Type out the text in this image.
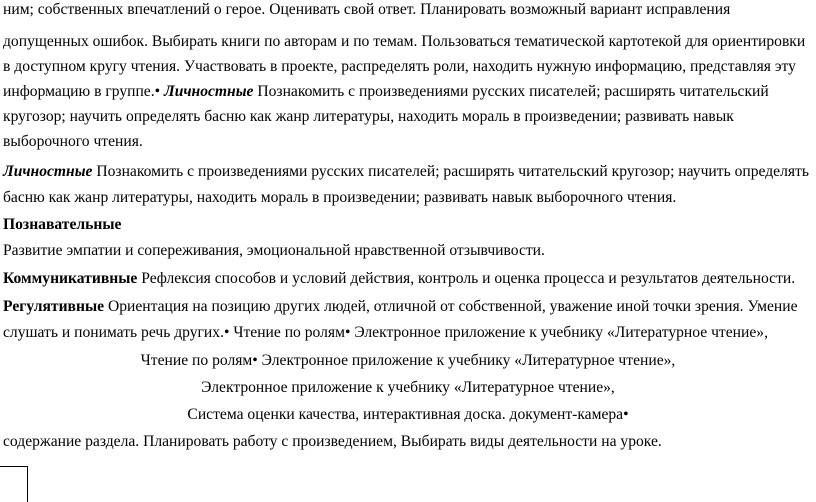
ним; собственных впечатлений о герое. Оценивать свой ответ. Планировать возможный вариант исправления
допущенных ошибок. Выбирать книги по авторам и по темам. Пользоваться тематической картотекой для ориентировки
в доступном кругу чтения. Участвовать в проекте, распределять роли, находить нужную информацию, представляя эту
информацию в группе.• Личностные Познакомить с произведениями русских писателей; расширять читательский
кругозор; научить определять басню как жанр литературы, находить мораль в произведении; развивать навык
выборочного чтения.
Личностные Познакомить с произведениями русских писателей; расширять читательский кругозор; научить определять
басню как жанр литературы, находить мораль в произведении; развивать навык выборочного чтения.
Познавательные
Развитие эмпатии и сопереживания, эмоциональной нравственной отзывчивости.
Коммуникативные Рефлексия способов и условий действия, контроль и оценка процесса и результатов деятельности.
Регулятивные Ориентация на позицию других людей, отличной от собственной, уважение иной точки зрения. Умение
слушать и понимать речь других.• Чтение по ролям• Электронное приложение к учебнику «Литературное чтение»,
Чтение по ролям• Электронное приложение к учебнику «Литературное чтение»,
Электронное приложение к учебнику «Литературное чтение»,
Система оценки качества, интерактивная доска. документ-камера•
содержание раздела. Планировать работу с произведением, Выбирать виды деятельности на уроке.
